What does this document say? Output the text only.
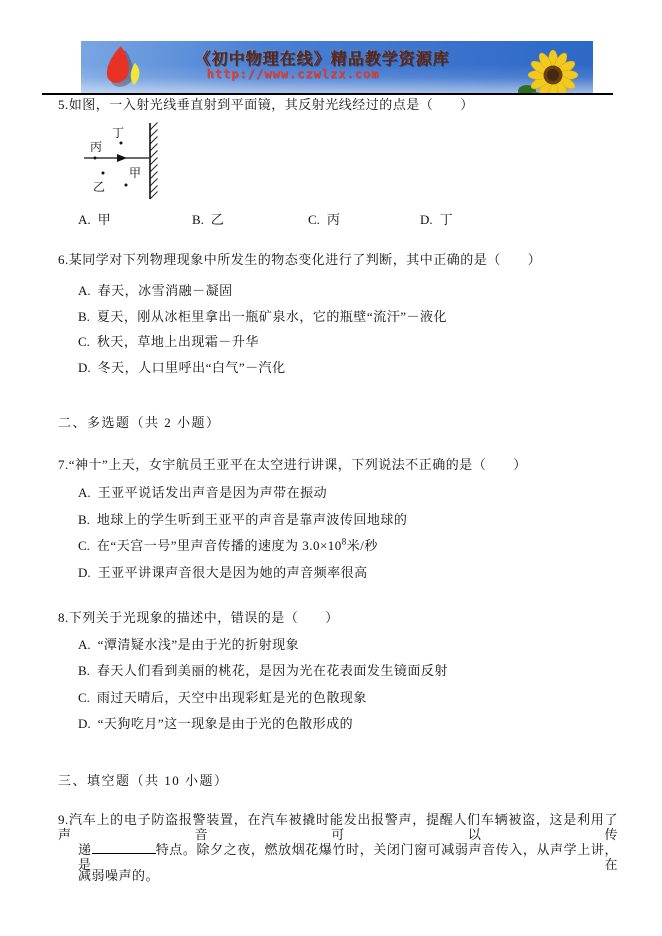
《初中物理在线》精品教学资源库
http://www.czwlzx.com
5.如图，一入射光线垂直射到平面镜，其反射光线经过的点是（　　）
丁
丙
甲
乙
A. 甲	B. 乙	C. 丙	D. 丁
6.某同学对下列物理现象中所发生的物态变化进行了判断，其中正确的是（　　）
A. 春天，冰雪消融－凝固
B. 夏天，刚从冰柜里拿出一瓶矿泉水，它的瓶壁“流汗”－液化
C. 秋天，草地上出现霜－升华
D. 冬天，人口里呼出“白气”－汽化
二、多选题（共 2 小题）
7.“神十”上天，女宇航员王亚平在太空进行讲课，下列说法不正确的是（　　）
A. 王亚平说话发出声音是因为声带在振动
B. 地球上的学生听到王亚平的声音是靠声波传回地球的
C. 在“天宫一号”里声音传播的速度为 $3.0\times 10^8$米/秒
D. 王亚平讲课声音很大是因为她的声音频率很高
8.下列关于光现象的描述中，错误的是（　　）
A. “潭清疑水浅”是由于光的折射现象
B. 春天人们看到美丽的桃花，是因为光在花表面发生镜面反射
C. 雨过天晴后，天空中出现彩虹是光的色散现象
D. “天狗吃月”这一现象是由于光的色散形成的
三、填空题（共 10 小题）
9.汽车上的电子防盗报警装置，在汽车被撬时能发出报警声，提醒人们车辆被盗，这是利用了声音可以传
递	特点。除夕之夜，燃放烟花爆竹时，关闭门窗可减弱声音传入，从声学上讲，是在
减弱噪声的。
